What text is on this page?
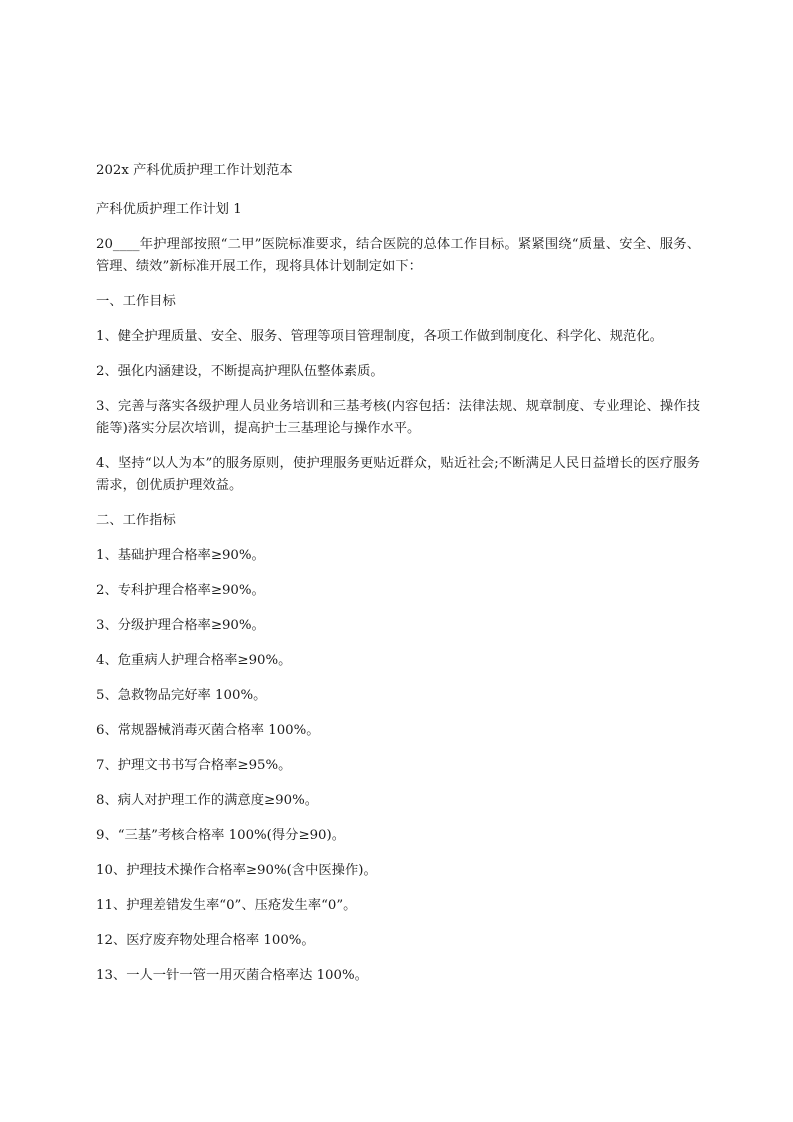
202x 产科优质护理工作计划范本

产科优质护理工作计划 1

20____年护理部按照“二甲”医院标准要求，结合医院的总体工作目标。紧紧围绕“质量、安全、服务、管理、绩效”新标准开展工作，现将具体计划制定如下：

一、工作目标

1、健全护理质量、安全、服务、管理等项目管理制度，各项工作做到制度化、科学化、规范化。

2、强化内涵建设，不断提高护理队伍整体素质。

3、完善与落实各级护理人员业务培训和三基考核(内容包括：法律法规、规章制度、专业理论、操作技能等)落实分层次培训，提高护士三基理论与操作水平。

4、坚持“以人为本”的服务原则，使护理服务更贴近群众，贴近社会;不断满足人民日益增长的医疗服务需求，创优质护理效益。

二、工作指标

1、基础护理合格率≥90%。

2、专科护理合格率≥90%。

3、分级护理合格率≥90%。

4、危重病人护理合格率≥90%。

5、急救物品完好率 100%。

6、常规器械消毒灭菌合格率 100%。

7、护理文书书写合格率≥95%。

8、病人对护理工作的满意度≥90%。

9、“三基”考核合格率 100%(得分≥90)。

10、护理技术操作合格率≥90%(含中医操作)。

11、护理差错发生率“0”、压疮发生率“0”。

12、医疗废弃物处理合格率 100%。

13、一人一针一管一用灭菌合格率达 100%。
